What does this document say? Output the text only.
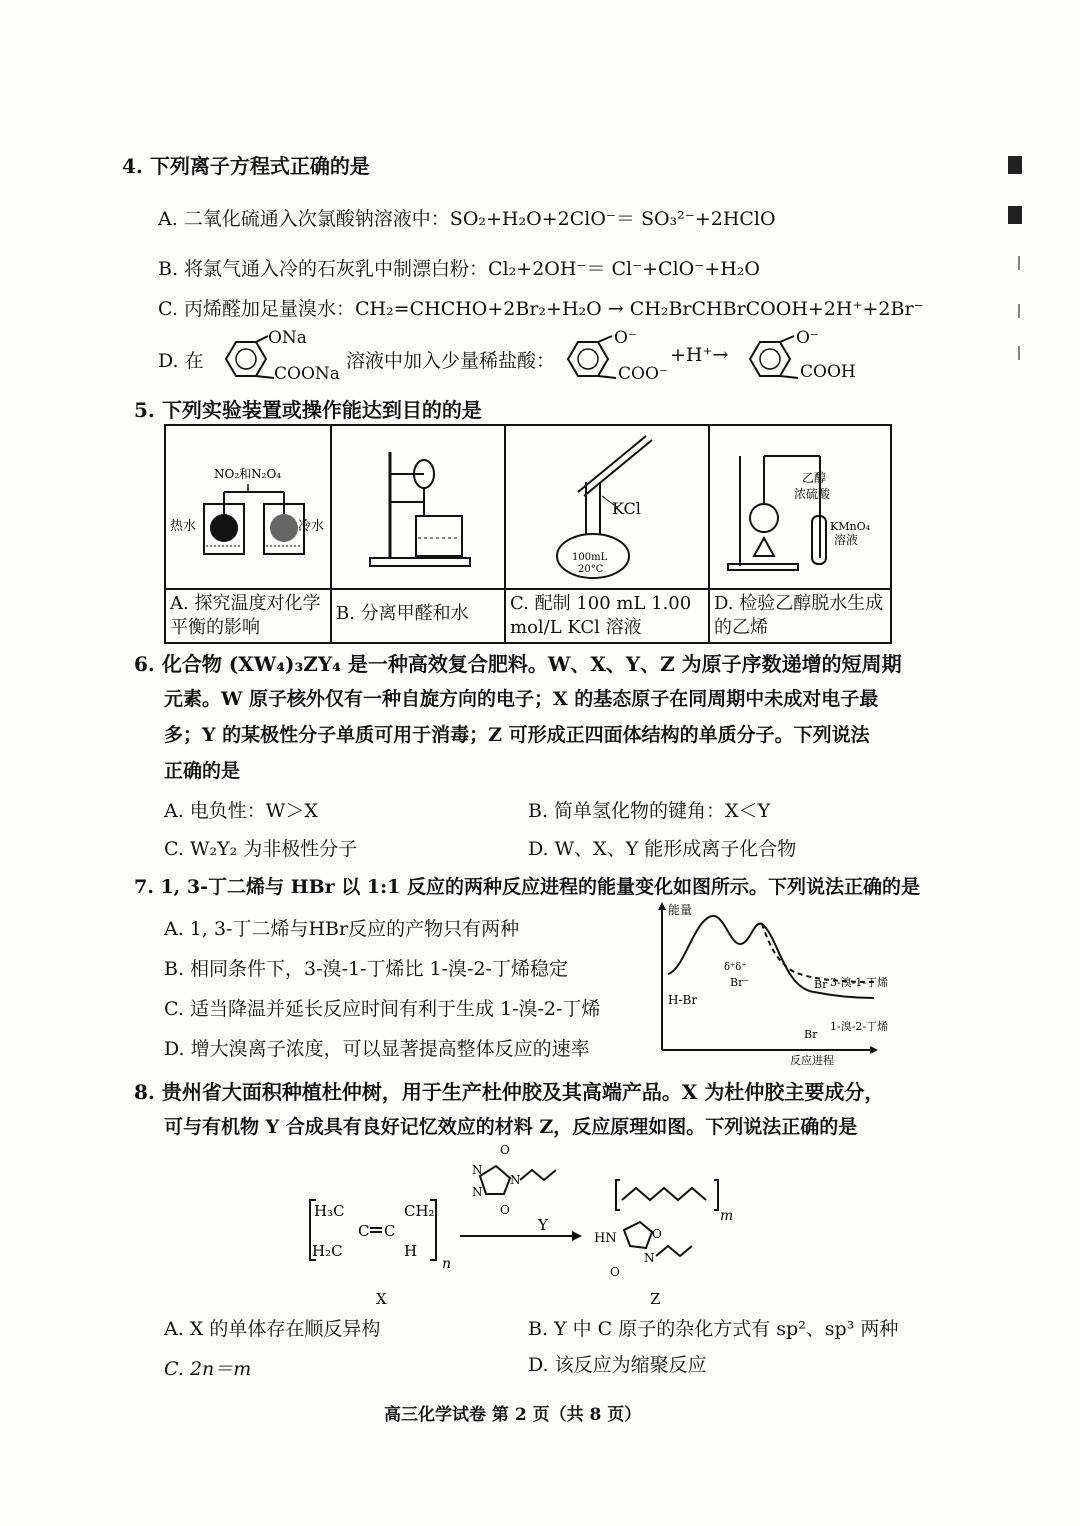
4. 下列离子方程式正确的是
A. 二氧化硫通入次氯酸钠溶液中：SO₂+H₂O+2ClO⁻＝ SO₃²⁻+2HClO
B. 将氯气通入冷的石灰乳中制漂白粉：Cl₂+2OH⁻＝ Cl⁻+ClO⁻+H₂O
C. 丙烯醛加足量溴水：CH₂=CHCHO+2Br₂+H₂O → CH₂BrCHBrCOOH+2H⁺+2Br⁻
D. 在
ONa
COONa
溶液中加入少量稀盐酸：
O⁻
COO⁻
+H⁺→
O⁻
COOH
5. 下列实验装置或操作能达到目的的是
NO₂和N₂O₄
热水 冷水		KCl
100mL
20°C	乙醇
浓硫酸
KMnO₄
溶液

A. 探究温度对化学平衡的影响	B. 分离甲醛和水	C. 配制 100 mL 1.00 mol/L KCl 溶液	D. 检验乙醇脱水生成的乙烯
6. 化合物 (XW₄)₃ZY₄ 是一种高效复合肥料。W、X、Y、Z 为原子序数递增的短周期
元素。W 原子核外仅有一种自旋方向的电子；X 的基态原子在同周期中未成对电子最
多；Y 的某极性分子单质可用于消毒；Z 可形成正四面体结构的单质分子。下列说法
正确的是
A. 电负性：W＞X	B. 简单氢化物的键角：X＜Y
C. W₂Y₂ 为非极性分子	D. W、X、Y 能形成离子化合物
7. 1, 3-丁二烯与 HBr 以 1:1 反应的两种反应进程的能量变化如图所示。下列说法正确的是
A. 1, 3-丁二烯与HBr反应的产物只有两种
B. 相同条件下，3-溴-1-丁烯比 1-溴-2-丁烯稳定
C. 适当降温并延长反应时间有利于生成 1-溴-2-丁烯
D. 增大溴离子浓度，可以显著提高整体反应的速率
能量
反应进程
H-Br
δ⁺δ⁺
Br⁻	Br 3-溴-1-丁烯
Br
1-溴-2-丁烯
8. 贵州省大面积种植杜仲树，用于生产杜仲胶及其高端产品。X 为杜仲胶主要成分，
可与有机物 Y 合成具有良好记忆效应的材料 Z，反应原理如图。下列说法正确的是
H₃C	CH₂
H₂C	H
C C
n
X
O
O
N
N
N
Y	m
HN	O
N
O
Z
A. X 的单体存在顺反异构	B. Y 中 C 原子的杂化方式有 sp²、sp³ 两种
C. 2n＝m	D. 该反应为缩聚反应
高三化学试卷 第 2 页（共 8 页）
